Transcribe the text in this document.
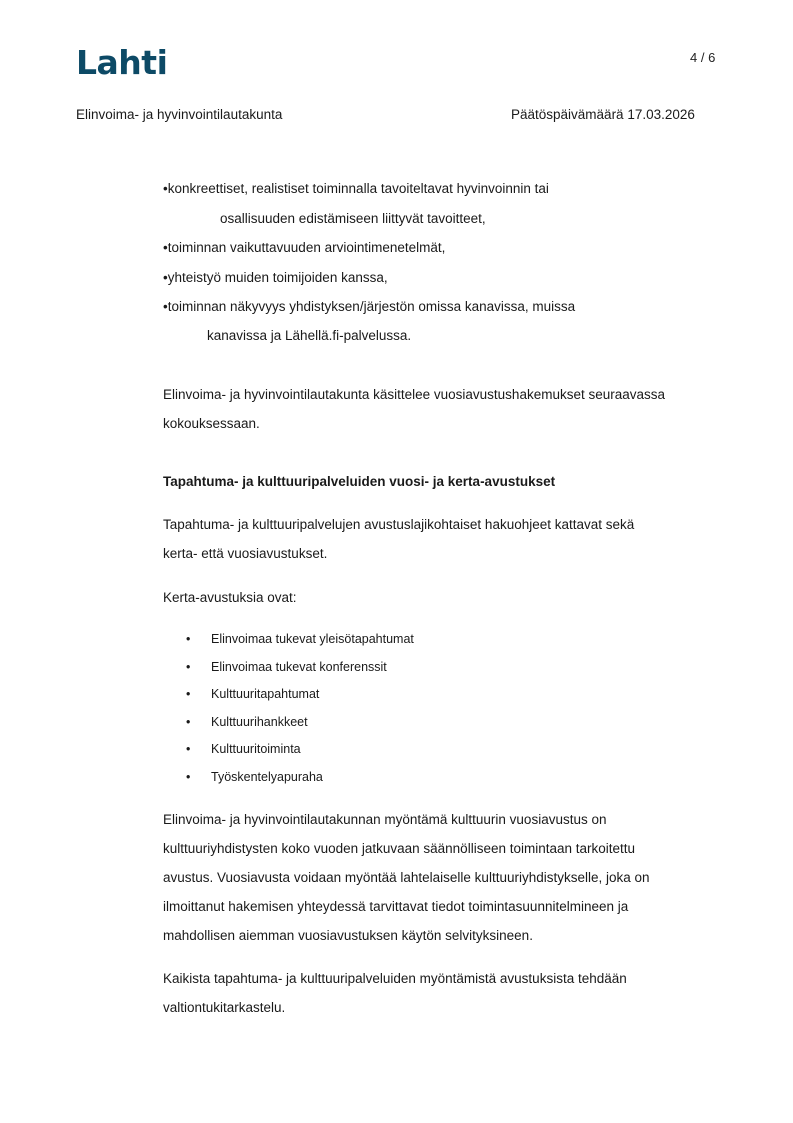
Lahti	4 / 6
Elinvoima- ja hyvinvointilautakunta	Päätöspäivämäärä 17.03.2026
•konkreettiset, realistiset toiminnalla tavoiteltavat hyvinvoinnin tai
osallisuuden edistämiseen liittyvät tavoitteet,
•toiminnan vaikuttavuuden arviointimenetelmät,
•yhteistyö muiden toimijoiden kanssa,
•toiminnan näkyvyys yhdistyksen/järjestön omissa kanavissa, muissa
kanavissa ja Lähellä.fi-palvelussa.
Elinvoima- ja hyvinvointilautakunta käsittelee vuosiavustushakemukset seuraavassa
kokouksessaan.
Tapahtuma- ja kulttuuripalveluiden vuosi- ja kerta-avustukset
Tapahtuma- ja kulttuuripalvelujen avustuslajikohtaiset hakuohjeet kattavat sekä
kerta- että vuosiavustukset.
Kerta-avustuksia ovat:
• Elinvoimaa tukevat yleisötapahtumat
• Elinvoimaa tukevat konferenssit
• Kulttuuritapahtumat
• Kulttuurihankkeet
• Kulttuuritoiminta
• Työskentelyapuraha
Elinvoima- ja hyvinvointilautakunnan myöntämä kulttuurin vuosiavustus on
kulttuuriyhdistysten koko vuoden jatkuvaan säännölliseen toimintaan tarkoitettu
avustus. Vuosiavusta voidaan myöntää lahtelaiselle kulttuuriyhdistykselle, joka on
ilmoittanut hakemisen yhteydessä tarvittavat tiedot toimintasuunnitelmineen ja
mahdollisen aiemman vuosiavustuksen käytön selvityksineen.
Kaikista tapahtuma- ja kulttuuripalveluiden myöntämistä avustuksista tehdään
valtiontukitarkastelu.
